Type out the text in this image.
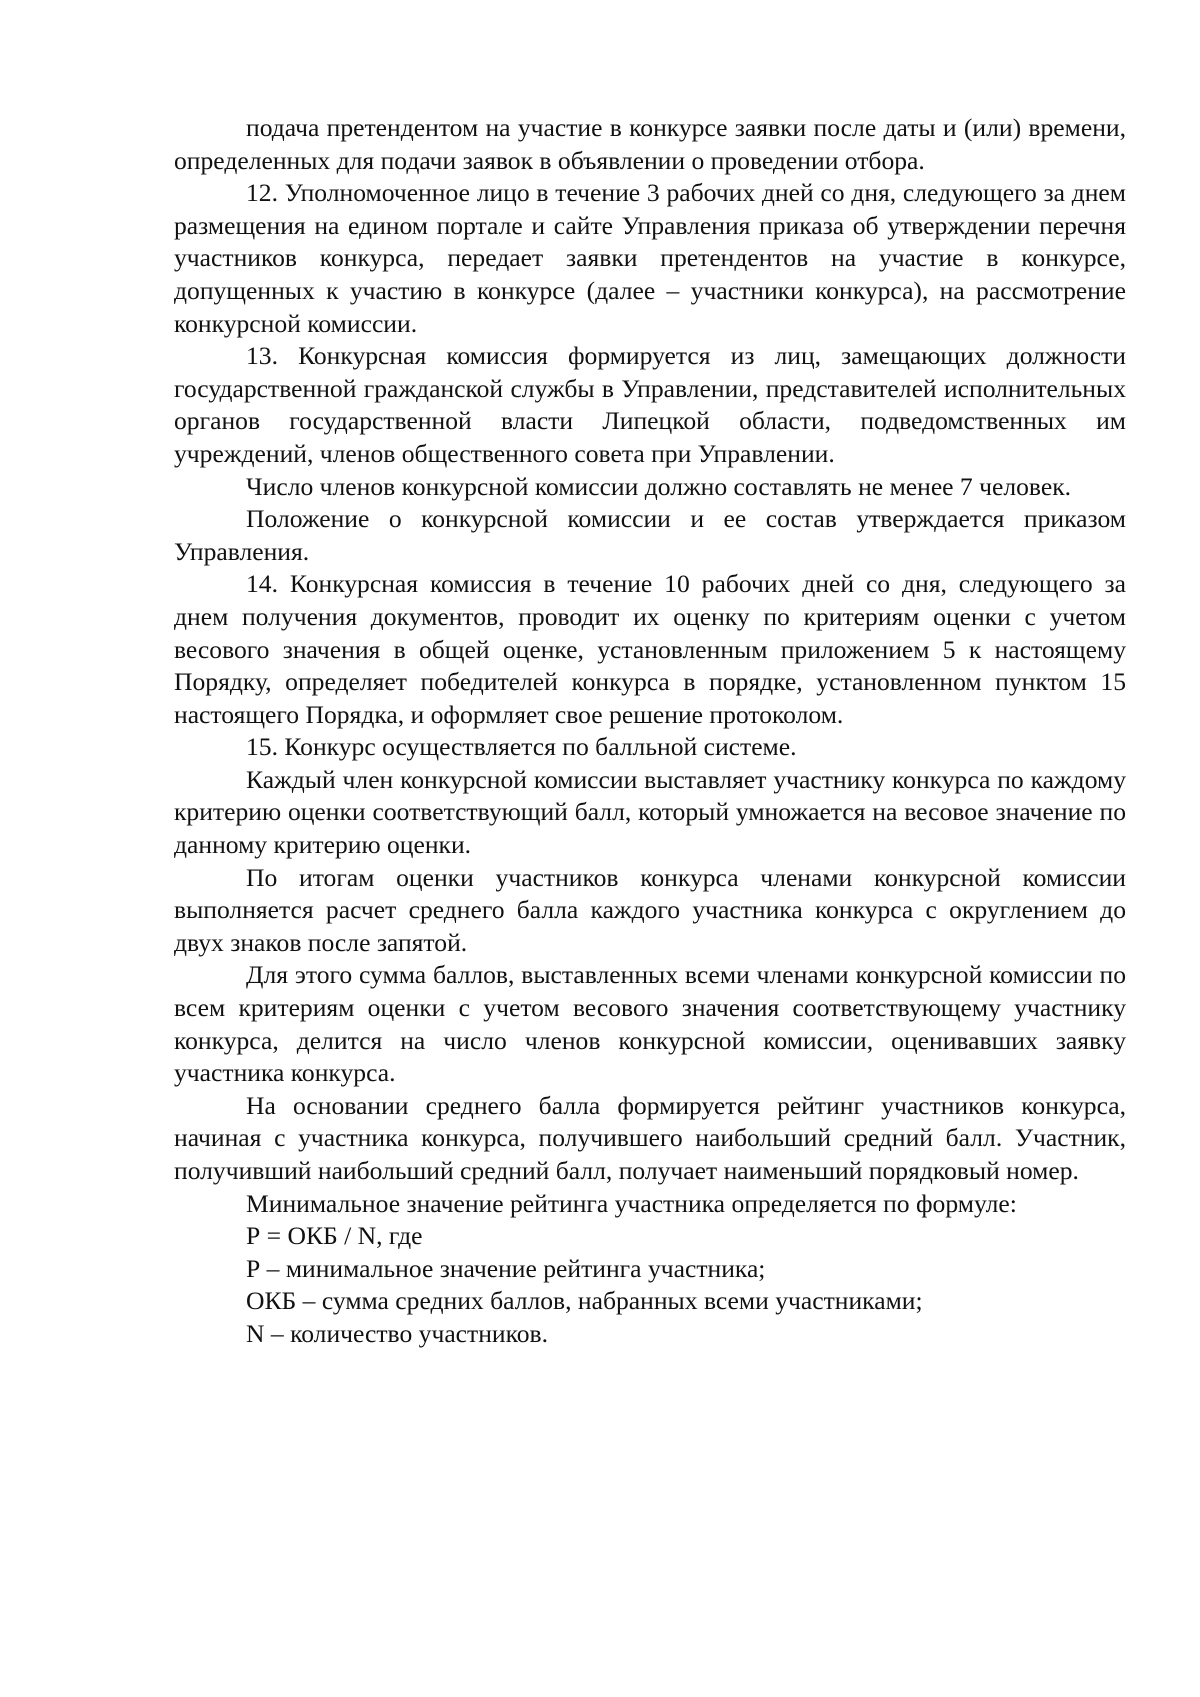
подача претендентом на участие в конкурсе заявки после даты и (или) времени, определенных для подачи заявок в объявлении о проведении отбора.

12. Уполномоченное лицо в течение 3 рабочих дней со дня, следующего за днем размещения на едином портале и сайте Управления приказа об утверждении перечня участников конкурса, передает заявки претендентов на участие в конкурсе, допущенных к участию в конкурсе (далее – участники конкурса), на рассмотрение конкурсной комиссии.

13. Конкурсная комиссия формируется из лиц, замещающих должности государственной гражданской службы в Управлении, представителей исполнительных органов государственной власти Липецкой области, подведомственных им учреждений, членов общественного совета при Управлении.

Число членов конкурсной комиссии должно составлять не менее 7 человек.

Положение о конкурсной комиссии и ее состав утверждается приказом Управления.

14. Конкурсная комиссия в течение 10 рабочих дней со дня, следующего за днем получения документов, проводит их оценку по критериям оценки с учетом весового значения в общей оценке, установленным приложением 5 к настоящему Порядку, определяет победителей конкурса в порядке, установленном пунктом 15 настоящего Порядка, и оформляет свое решение протоколом.

15. Конкурс осуществляется по балльной системе.

Каждый член конкурсной комиссии выставляет участнику конкурса по каждому критерию оценки соответствующий балл, который умножается на весовое значение по данному критерию оценки.

По итогам оценки участников конкурса членами конкурсной комиссии выполняется расчет среднего балла каждого участника конкурса с округлением до двух знаков после запятой.

Для этого сумма баллов, выставленных всеми членами конкурсной комиссии по всем критериям оценки с учетом весового значения соответствующему участнику конкурса, делится на число членов конкурсной комиссии, оценивавших заявку участника конкурса.

На основании среднего балла формируется рейтинг участников конкурса, начиная с участника конкурса, получившего наибольший средний балл. Участник, получивший наибольший средний балл, получает наименьший порядковый номер.

Минимальное значение рейтинга участника определяется по формуле:

Р = ОКБ / N, где

Р – минимальное значение рейтинга участника;

ОКБ – сумма средних баллов, набранных всеми участниками;

N – количество участников.
